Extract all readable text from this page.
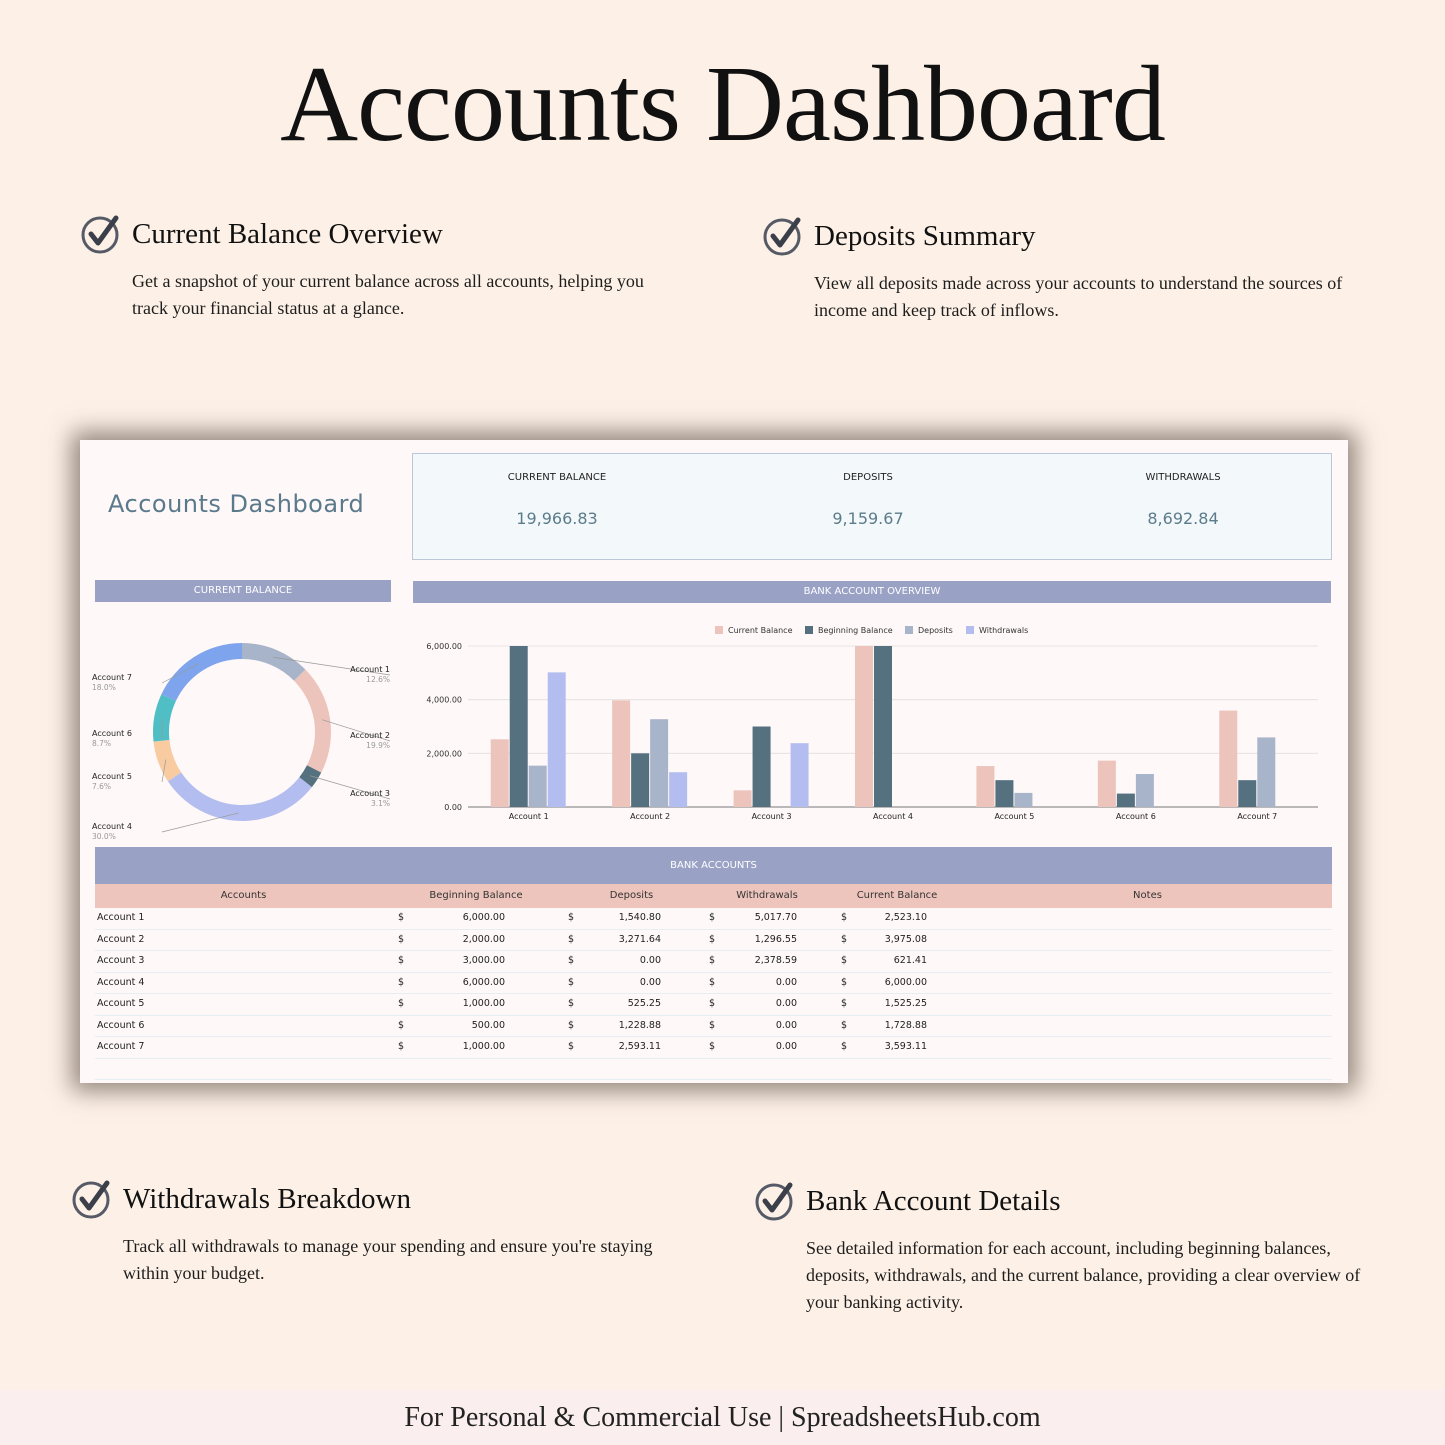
Accounts Dashboard
Current Balance Overview
Get a snapshot of your current balance across all accounts, helping you track your financial status at a glance.
Deposits Summary
View all deposits made across your accounts to understand the sources of income and keep track of inflows.
Withdrawals Breakdown
Track all withdrawals to manage your spending and ensure you're staying within your budget.
Bank Account Details
See detailed information for each account, including beginning balances, deposits, withdrawals, and the current balance, providing a clear overview of your banking activity.
Accounts Dashboard
CURRENT BALANCE
19,966.83
DEPOSITS
9,159.67
WITHDRAWALS
8,692.84
CURRENT BALANCE	BANK ACCOUNT OVERVIEW
Account 1
12.6%
Account 2
19.9%
Account 3
3.1%
Account 4
30.0%
Account 5
7.6%
Account 6
8.7%
Account 7
18.0%
Current Balance	Beginning Balance	Deposits	Withdrawals
0.00
2,000.00
4,000.00
6,000.00
Account 1	Account 2	Account 3	Account 4	Account 5	Account 6	Account 7
BANK ACCOUNTS
Accounts	Beginning Balance	Deposits	Withdrawals	Current Balance	Notes
Account 1	$	6,000.00	$	1,540.80	$	5,017.70	$	2,523.10
Account 2	$	2,000.00	$	3,271.64	$	1,296.55	$	3,975.08
Account 3	$	3,000.00	$	0.00	$	2,378.59	$	621.41
Account 4	$	6,000.00	$	0.00	$	0.00	$	6,000.00
Account 5	$	1,000.00	$	525.25	$	0.00	$	1,525.25
Account 6	$	500.00	$	1,228.88	$	0.00	$	1,728.88
Account 7	$	1,000.00	$	2,593.11	$	0.00	$	3,593.11
For Personal & Commercial Use | SpreadsheetsHub.com
